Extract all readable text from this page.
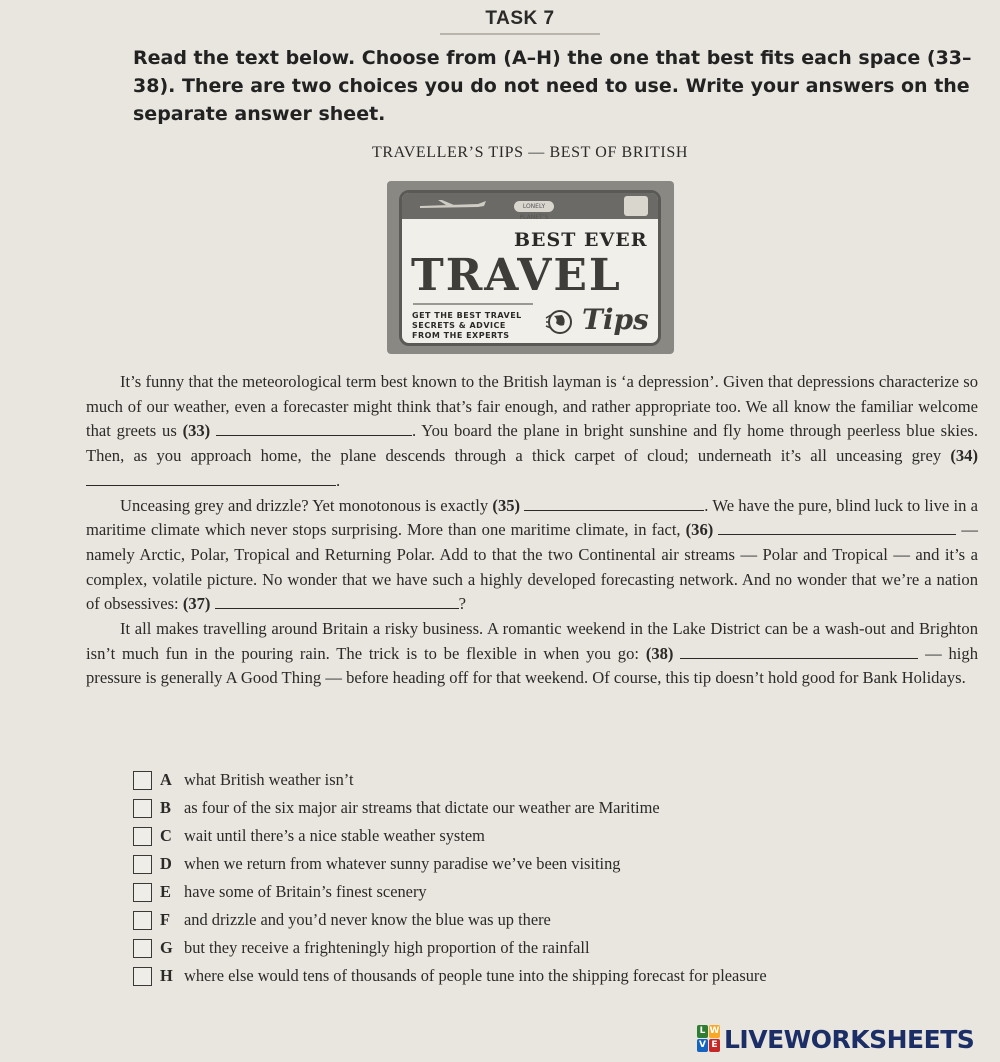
TASK 7
Read the text below. Choose from (A–H) the one that best fits each space (33–38). There are two choices you do not need to use. Write your answers on the separate answer sheet.
TRAVELLER’S TIPS — BEST OF BRITISH
LONELY PLANET’S
BEST EVER
TRAVEL
GET THE BEST TRAVEL
SECRETS & ADVICE
FROM THE EXPERTS	Tips

It’s funny that the meteorological term best known to the British layman is ‘a depression’. Given that depressions characterize so much of our weather, even a forecaster might think that’s fair enough, and rather appropriate too. We all know the familiar welcome that greets us (33)	. You board the plane in bright sunshine and fly home through peerless blue skies. Then, as you approach home, the plane descends through a thick carpet of cloud; underneath it’s all unceasing grey (34) .

Unceasing grey and drizzle? Yet monotonous is exactly (35)	. We have the pure, blind luck to live in a maritime climate which never stops surprising. More than one maritime climate, in fact, (36)	— namely Arctic, Polar, Tropical and Returning Polar. Add to that the two Continental air streams — Polar and Tropical — and it’s a complex, volatile picture. No wonder that we have such a highly developed forecasting network. And no wonder that we’re a nation of obsessives: (37)	?

It all makes travelling around Britain a risky business. A romantic weekend in the Lake District can be a wash-out and Brighton isn’t much fun in the pouring rain. The trick is to be flexible in when you go: (38)	— high pressure is generally A Good Thing — before heading off for that weekend. Of course, this tip doesn’t hold good for Bank Holidays.

A what British weather isn’t
B as four of the six major air streams that dictate our weather are Maritime
C wait until there’s a nice stable weather system
D when we return from whatever sunny paradise we’ve been visiting
E have some of Britain’s finest scenery
F and drizzle and you’d never know the blue was up there
G but they receive a frighteningly high proportion of the rainfall
H where else would tens of thousands of people tune into the shipping forecast for pleasure
L W
V E LIVEWORKSHEETS
